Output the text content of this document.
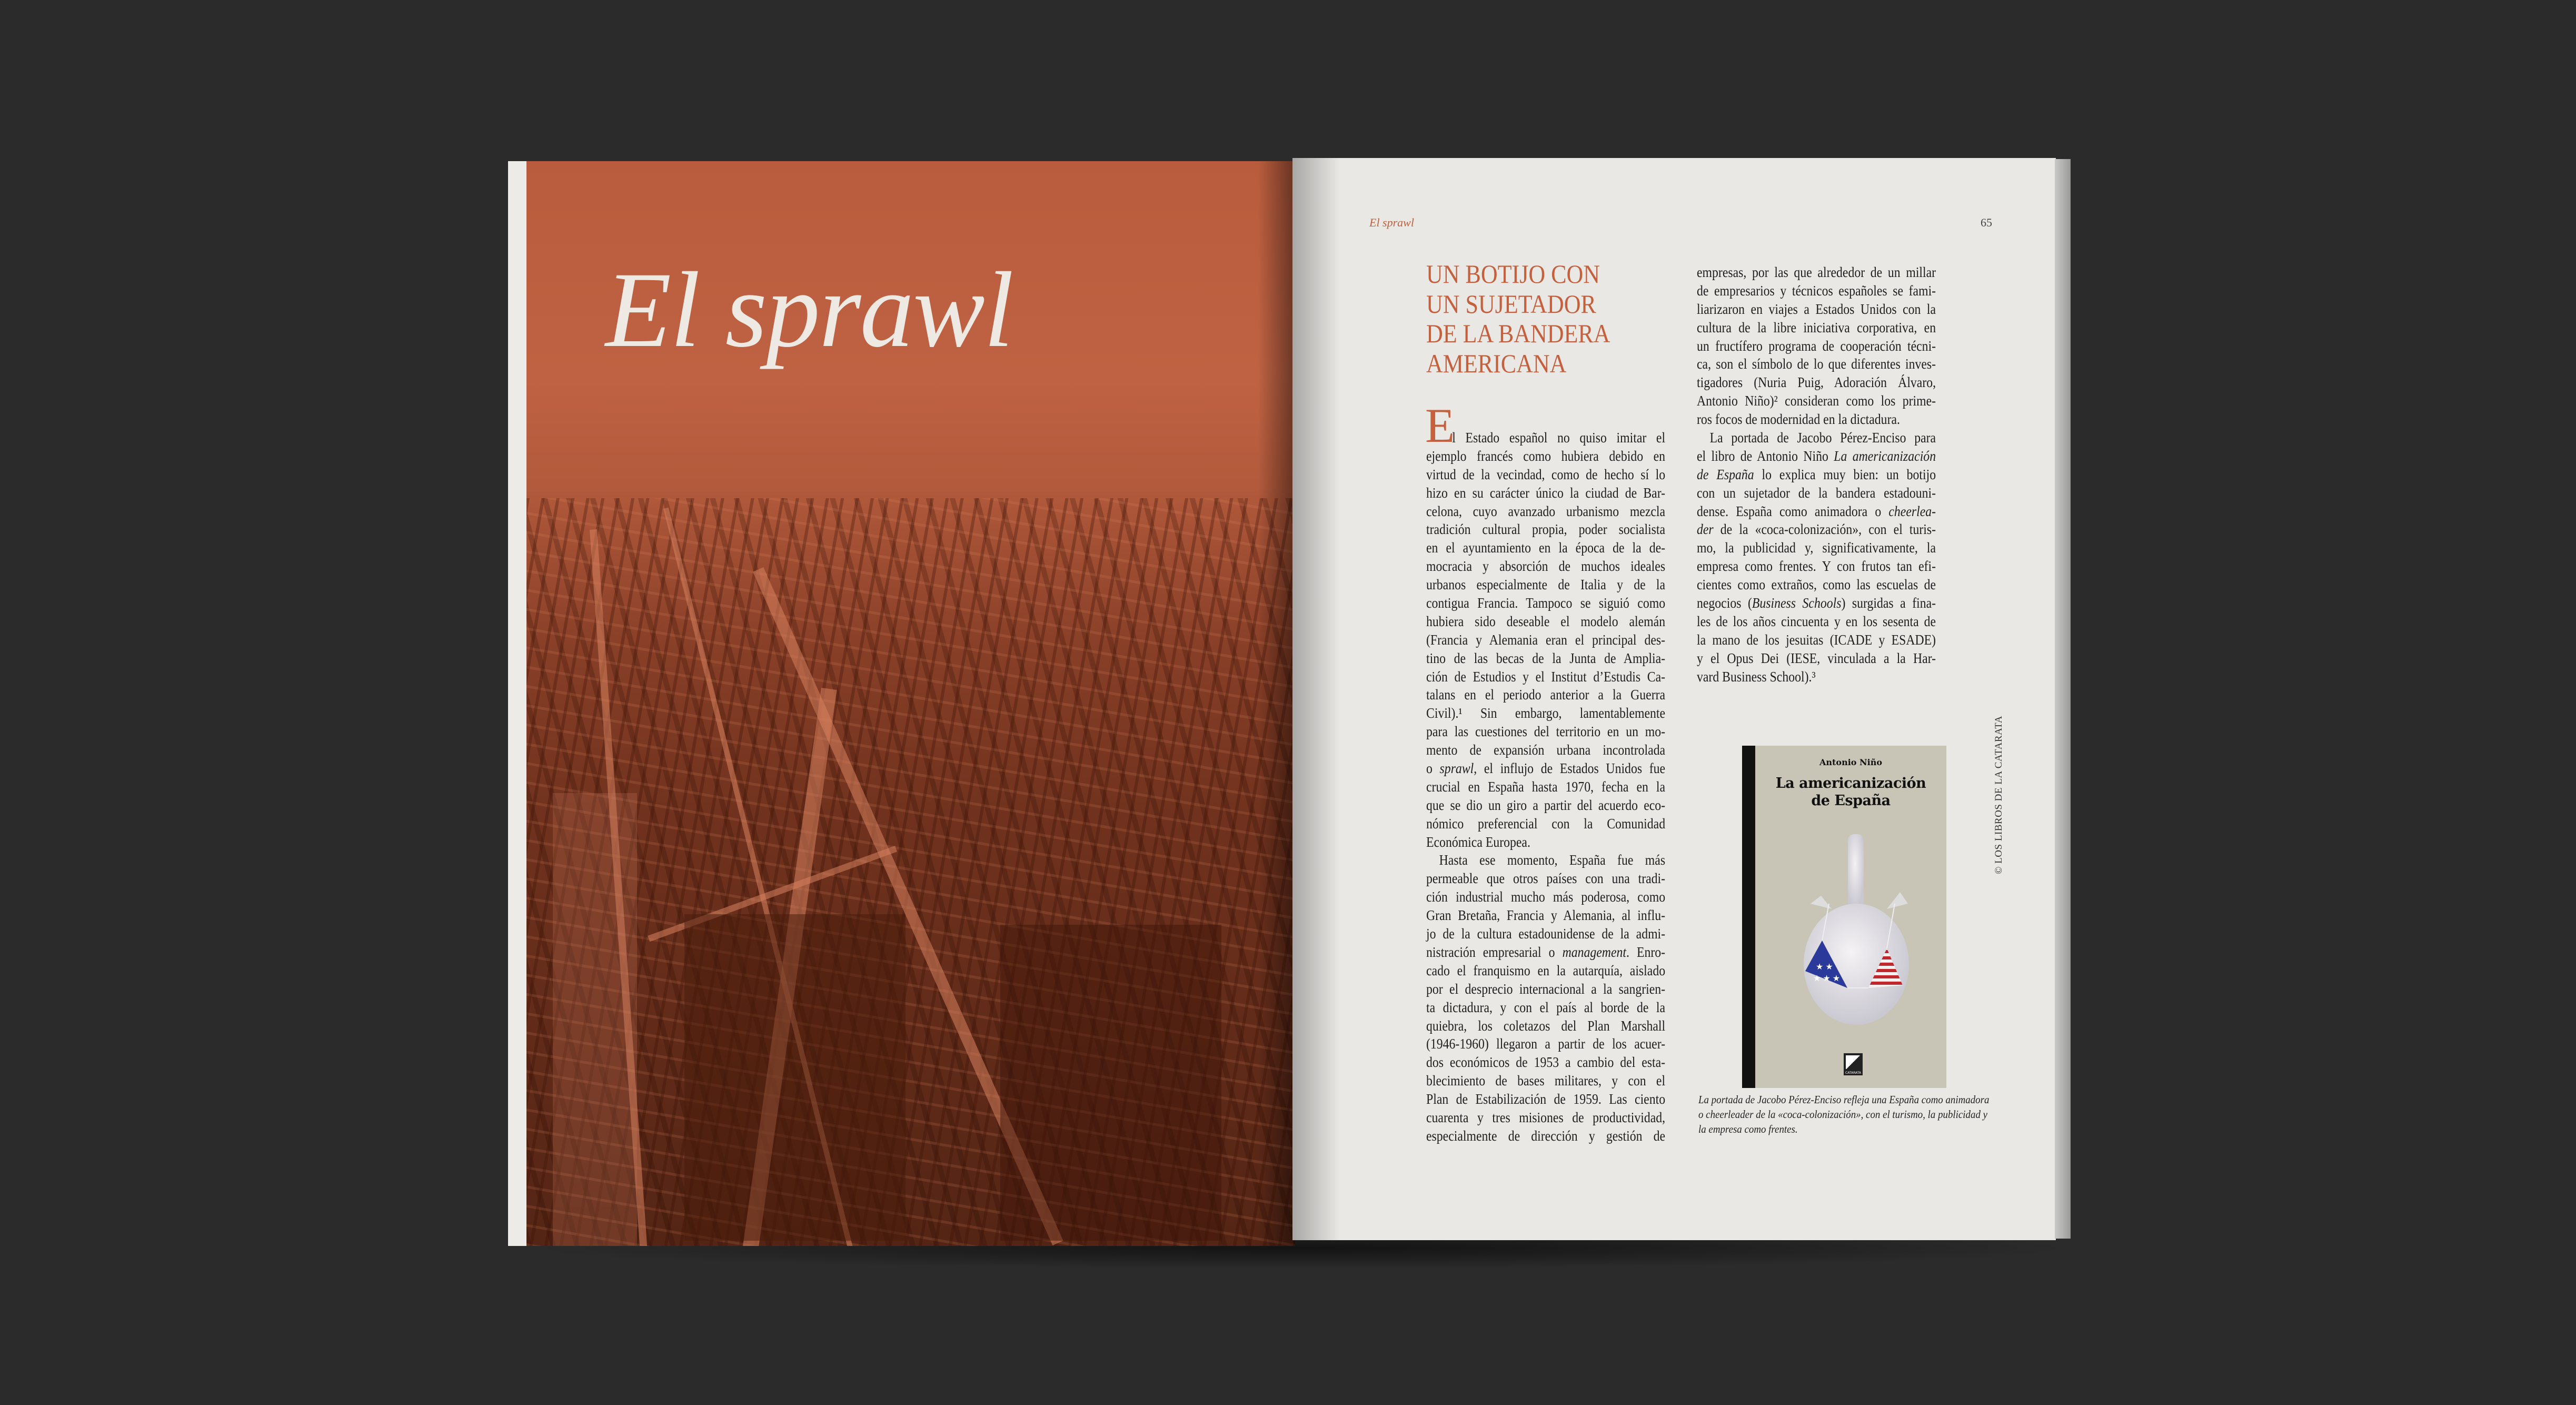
El sprawl
El sprawl	65
UN BOTIJO CON
UN SUJETADOR
DE LA BANDERA
AMERICANA
E
l Estado español no quiso imitar el
ejemplo francés como hubiera debido en
virtud de la vecindad, como de hecho sí lo
hizo en su carácter único la ciudad de Bar-
celona, cuyo avanzado urbanismo mezcla
tradición cultural propia, poder socialista
en el ayuntamiento en la época de la de-
mocracia y absorción de muchos ideales
urbanos especialmente de Italia y de la
contigua Francia. Tampoco se siguió como
hubiera sido deseable el modelo alemán
(Francia y Alemania eran el principal des-
tino de las becas de la Junta de Amplia-
ción de Estudios y el Institut d’Estudis Ca-
talans en el periodo anterior a la Guerra
Civil).¹ Sin embargo, lamentablemente
para las cuestiones del territorio en un mo-
mento de expansión urbana incontrolada
o sprawl, el influjo de Estados Unidos fue
crucial en España hasta 1970, fecha en la
que se dio un giro a partir del acuerdo eco-
nómico preferencial con la Comunidad
Económica Europea.
Hasta ese momento, España fue más
permeable que otros países con una tradi-
ción industrial mucho más poderosa, como
Gran Bretaña, Francia y Alemania, al influ-
jo de la cultura estadounidense de la admi-
nistración empresarial o management. Enro-
cado el franquismo en la autarquía, aislado
por el desprecio internacional a la sangrien-
ta dictadura, y con el país al borde de la
quiebra, los coletazos del Plan Marshall
(1946-1960) llegaron a partir de los acuer-
dos económicos de 1953 a cambio del esta-
blecimiento de bases militares, y con el
Plan de Estabilización de 1959. Las ciento
cuarenta y tres misiones de productividad,
especialmente de dirección y gestión de
empresas, por las que alrededor de un millar
de empresarios y técnicos españoles se fami-
liarizaron en viajes a Estados Unidos con la
cultura de la libre iniciativa corporativa, en
un fructífero programa de cooperación técni-
ca, son el símbolo de lo que diferentes inves-
tigadores (Nuria Puig, Adoración Álvaro,
Antonio Niño)² consideran como los prime-
ros focos de modernidad en la dictadura.
La portada de Jacobo Pérez-Enciso para
el libro de Antonio Niño La americanización
de España lo explica muy bien: un botijo
con un sujetador de la bandera estadouni-
dense. España como animadora o cheerlea-
der de la «coca-colonización», con el turis-
mo, la publicidad y, significativamente, la
empresa como frentes. Y con frutos tan efi-
cientes como extraños, como las escuelas de
negocios (Business Schools) surgidas a fina-
les de los años cincuenta y en los sesenta de
la mano de los jesuitas (ICADE y ESADE)
y el Opus Dei (IESE, vinculada a la Har-
vard Business School).³
Antonio Niño
La americanización
de España
★ ★
★ ★ ★
CATARATA
La portada de Jacobo Pérez-Enciso refleja una España como animadora
o cheerleader de la «coca-colonización», con el turismo, la publicidad y
la empresa como frentes.
© LOS LIBROS DE LA CATARATA
